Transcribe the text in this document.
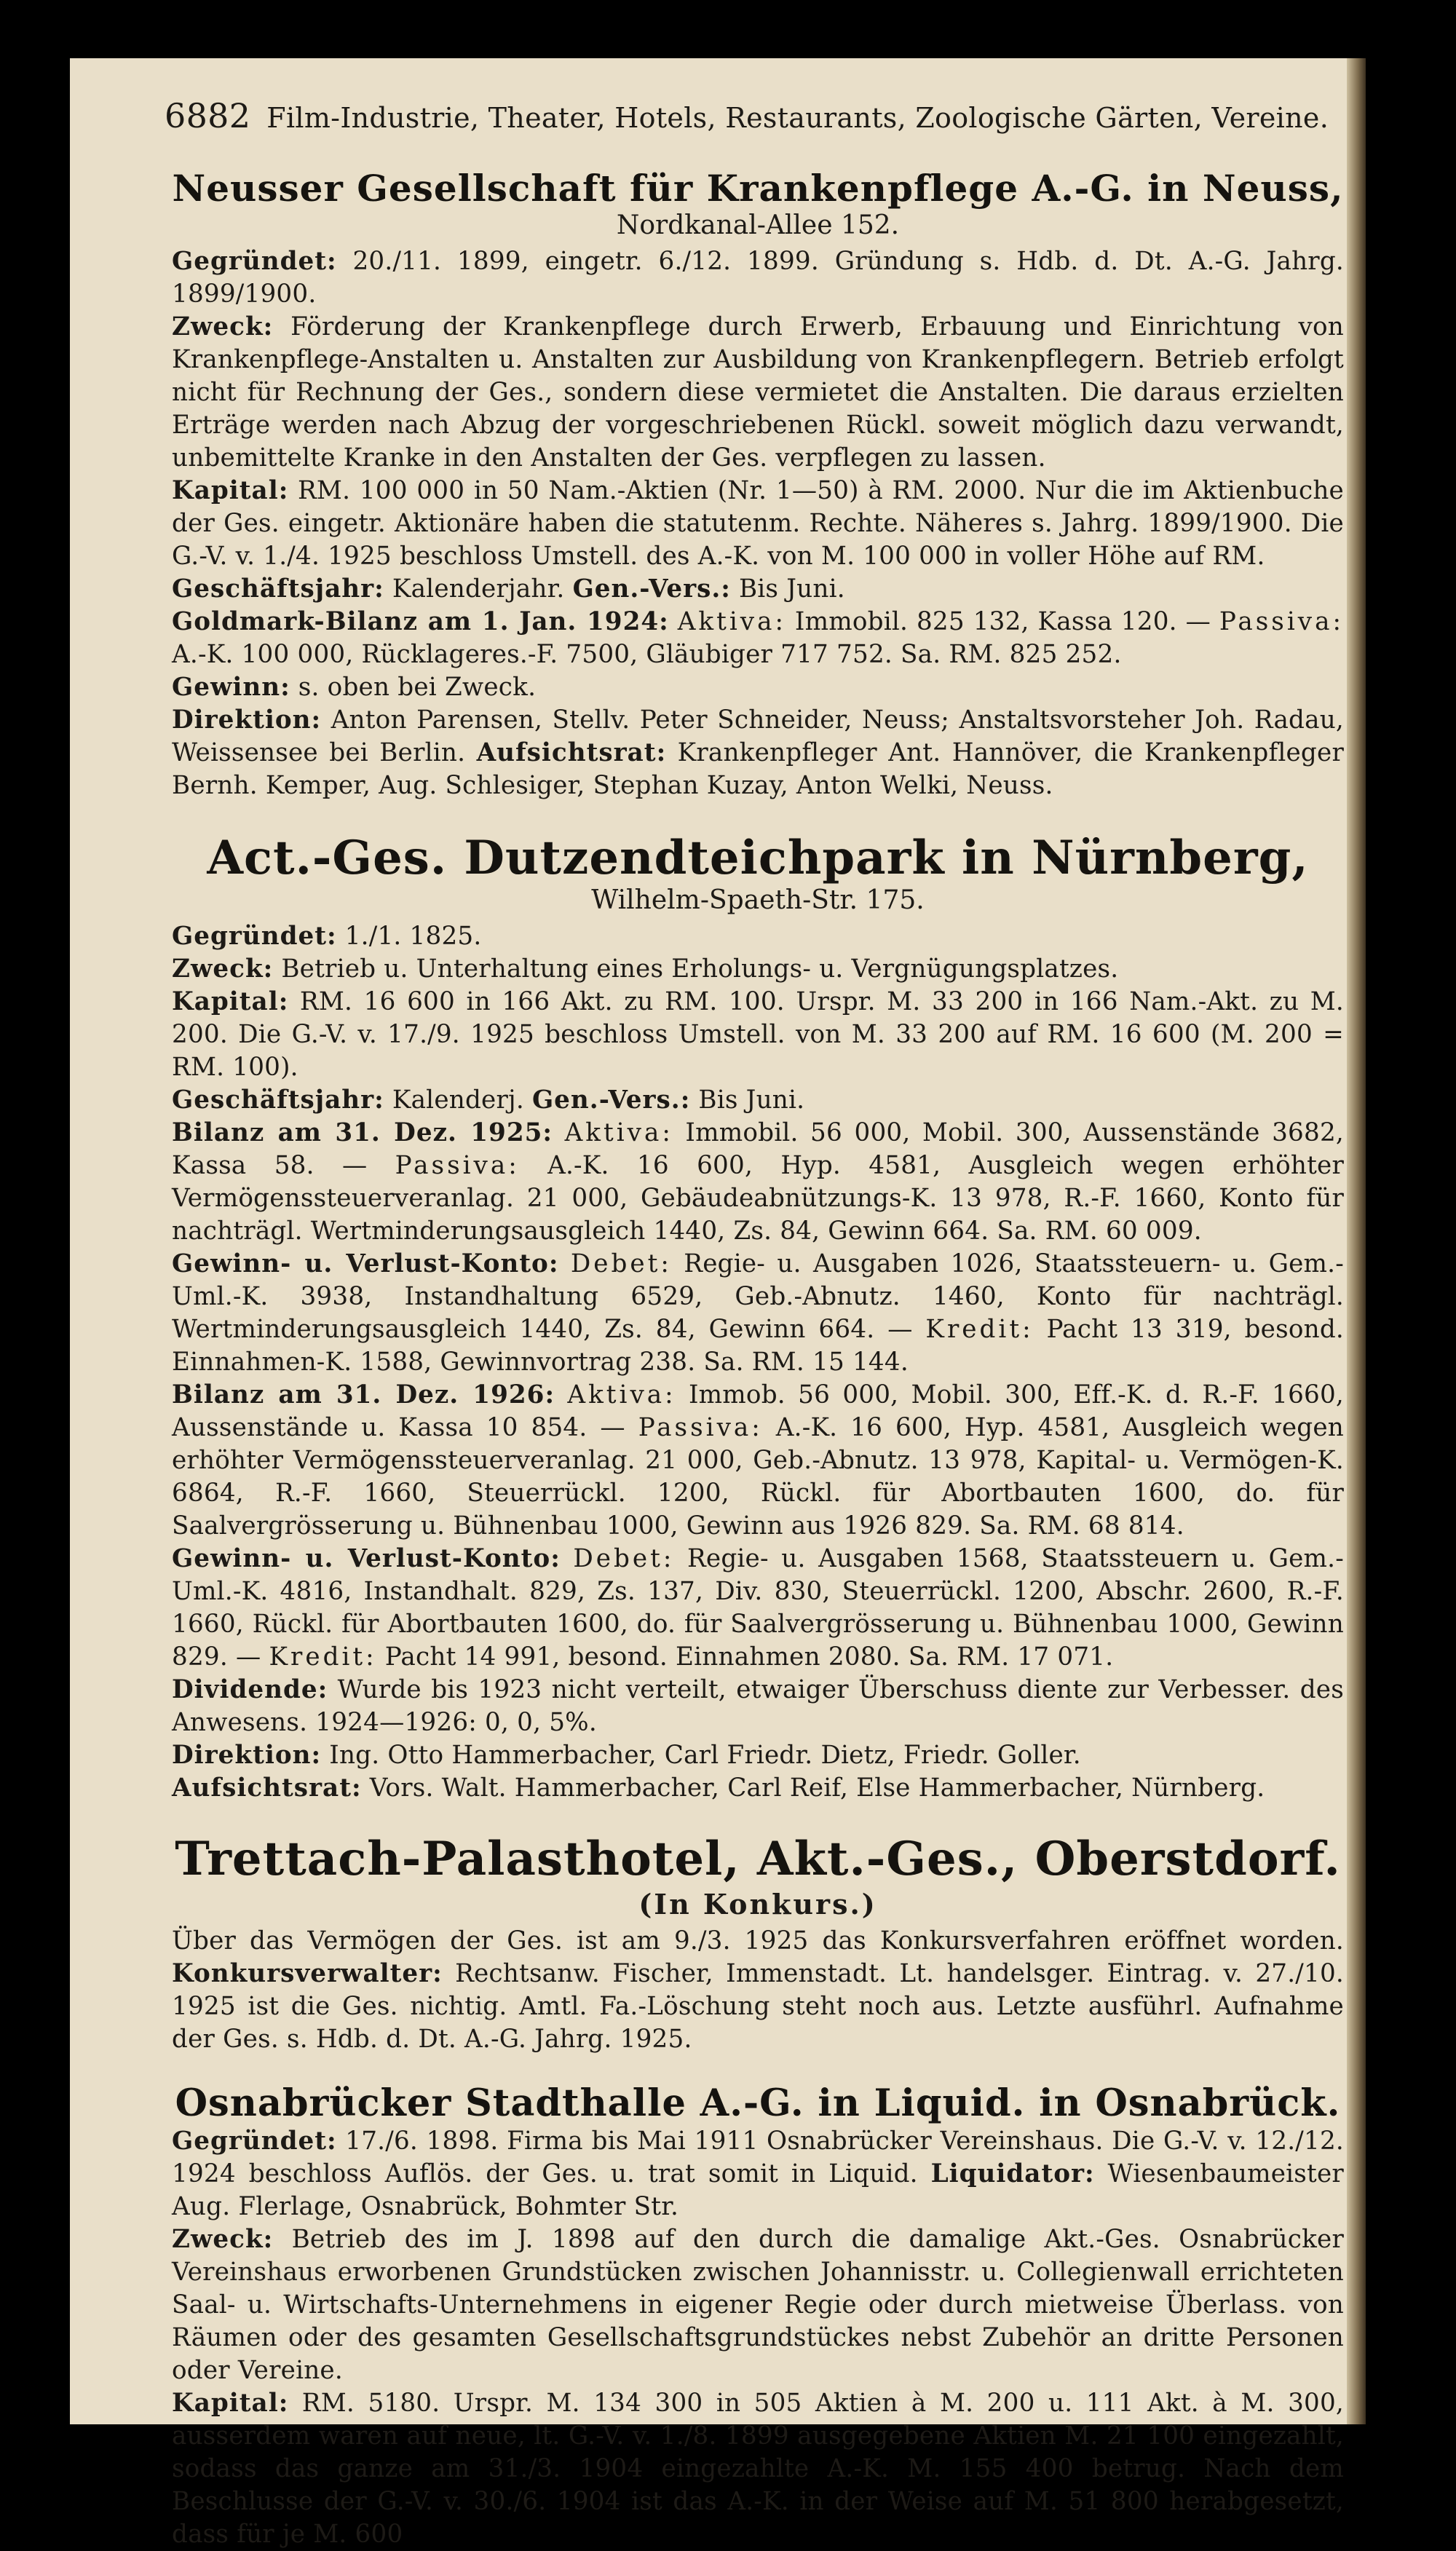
6882 Film-Industrie, Theater, Hotels, Restaurants, Zoologische Gärten, Vereine.
Neusser Gesellschaft für Krankenpflege A.-G. in Neuss,
Nordkanal-Allee 152.

Gegründet: 20./11. 1899, eingetr. 6./12. 1899. Gründung s. Hdb. d. Dt. A.-G. Jahrg. 1899/1900.

Zweck: Förderung der Krankenpflege durch Erwerb, Erbauung und Einrichtung von Krankenpflege-Anstalten u. Anstalten zur Ausbildung von Krankenpflegern. Betrieb erfolgt nicht für Rechnung der Ges., sondern diese vermietet die Anstalten. Die daraus erzielten Erträge werden nach Abzug der vorgeschriebenen Rückl. soweit möglich dazu verwandt, unbemittelte Kranke in den Anstalten der Ges. verpflegen zu lassen.

Kapital: RM. 100 000 in 50 Nam.-Aktien (Nr. 1—50) à RM. 2000. Nur die im Aktienbuche der Ges. eingetr. Aktionäre haben die statutenm. Rechte. Näheres s. Jahrg. 1899/1900. Die G.-V. v. 1./4. 1925 beschloss Umstell. des A.-K. von M. 100 000 in voller Höhe auf RM.

Geschäftsjahr: Kalenderjahr. Gen.-Vers.: Bis Juni.

Goldmark-Bilanz am 1. Jan. 1924: Aktiva: Immobil. 825 132, Kassa 120. — Passiva: A.-K. 100 000, Rücklageres.-F. 7500, Gläubiger 717 752. Sa. RM. 825 252.

Gewinn: s. oben bei Zweck.

Direktion: Anton Parensen, Stellv. Peter Schneider, Neuss; Anstaltsvorsteher Joh. Radau, Weissensee bei Berlin. Aufsichtsrat: Krankenpfleger Ant. Hannöver, die Krankenpfleger Bernh. Kemper, Aug. Schlesiger, Stephan Kuzay, Anton Welki, Neuss.

Act.-Ges. Dutzendteichpark in Nürnberg,
Wilhelm-Spaeth-Str. 175.

Gegründet: 1./1. 1825.

Zweck: Betrieb u. Unterhaltung eines Erholungs- u. Vergnügungsplatzes.

Kapital: RM. 16 600 in 166 Akt. zu RM. 100. Urspr. M. 33 200 in 166 Nam.-Akt. zu M. 200. Die G.-V. v. 17./9. 1925 beschloss Umstell. von M. 33 200 auf RM. 16 600 (M. 200 = RM. 100).

Geschäftsjahr: Kalenderj. Gen.-Vers.: Bis Juni.

Bilanz am 31. Dez. 1925: Aktiva: Immobil. 56 000, Mobil. 300, Aussenstände 3682, Kassa 58. — Passiva: A.-K. 16 600, Hyp. 4581, Ausgleich wegen erhöhter Vermögenssteuerveranlag. 21 000, Gebäudeabnützungs-K. 13 978, R.-F. 1660, Konto für nachträgl. Wertminderungsausgleich 1440, Zs. 84, Gewinn 664. Sa. RM. 60 009.

Gewinn- u. Verlust-Konto: Debet: Regie- u. Ausgaben 1026, Staatssteuern- u. Gem.-Uml.-K. 3938, Instandhaltung 6529, Geb.-Abnutz. 1460, Konto für nachträgl. Wertminderungsausgleich 1440, Zs. 84, Gewinn 664. — Kredit: Pacht 13 319, besond. Einnahmen-K. 1588, Gewinnvortrag 238. Sa. RM. 15 144.

Bilanz am 31. Dez. 1926: Aktiva: Immob. 56 000, Mobil. 300, Eff.-K. d. R.-F. 1660, Aussenstände u. Kassa 10 854. — Passiva: A.-K. 16 600, Hyp. 4581, Ausgleich wegen erhöhter Vermögenssteuerveranlag. 21 000, Geb.-Abnutz. 13 978, Kapital- u. Vermögen-K. 6864, R.-F. 1660, Steuerrückl. 1200, Rückl. für Abortbauten 1600, do. für Saalvergrösserung u. Bühnenbau 1000, Gewinn aus 1926 829. Sa. RM. 68 814.

Gewinn- u. Verlust-Konto: Debet: Regie- u. Ausgaben 1568, Staatssteuern u. Gem.-Uml.-K. 4816, Instandhalt. 829, Zs. 137, Div. 830, Steuerrückl. 1200, Abschr. 2600, R.-F. 1660, Rückl. für Abortbauten 1600, do. für Saalvergrösserung u. Bühnenbau 1000, Gewinn 829. — Kredit: Pacht 14 991, besond. Einnahmen 2080. Sa. RM. 17 071.

Dividende: Wurde bis 1923 nicht verteilt, etwaiger Überschuss diente zur Verbesser. des Anwesens. 1924—1926: 0, 0, 5%.

Direktion: Ing. Otto Hammerbacher, Carl Friedr. Dietz, Friedr. Goller.

Aufsichtsrat: Vors. Walt. Hammerbacher, Carl Reif, Else Hammerbacher, Nürnberg.

Trettach-Palasthotel, Akt.-Ges., Oberstdorf.
(In Konkurs.)

Über das Vermögen der Ges. ist am 9./3. 1925 das Konkursverfahren eröffnet worden. Konkursverwalter: Rechtsanw. Fischer, Immenstadt. Lt. handelsger. Eintrag. v. 27./10. 1925 ist die Ges. nichtig. Amtl. Fa.-Löschung steht noch aus. Letzte ausführl. Aufnahme der Ges. s. Hdb. d. Dt. A.-G. Jahrg. 1925.

Osnabrücker Stadthalle A.-G. in Liquid. in Osnabrück.

Gegründet: 17./6. 1898. Firma bis Mai 1911 Osnabrücker Vereinshaus. Die G.-V. v. 12./12. 1924 beschloss Auflös. der Ges. u. trat somit in Liquid. Liquidator: Wiesenbaumeister Aug. Flerlage, Osnabrück, Bohmter Str.

Zweck: Betrieb des im J. 1898 auf den durch die damalige Akt.-Ges. Osnabrücker Vereinshaus erworbenen Grundstücken zwischen Johannisstr. u. Collegienwall errichteten Saal- u. Wirtschafts-Unternehmens in eigener Regie oder durch mietweise Überlass. von Räumen oder des gesamten Gesellschaftsgrundstückes nebst Zubehör an dritte Personen oder Vereine.

Kapital: RM. 5180. Urspr. M. 134 300 in 505 Aktien à M. 200 u. 111 Akt. à M. 300, ausserdem waren auf neue, lt. G.-V. v. 1./8. 1899 ausgegebene Aktien M. 21 100 eingezahlt, sodass das ganze am 31./3. 1904 eingezahlte A.-K. M. 155 400 betrug. Nach dem Beschlusse der G.-V. v. 30./6. 1904 ist das A.-K. in der Weise auf M. 51 800 herabgesetzt, dass für je M. 600
